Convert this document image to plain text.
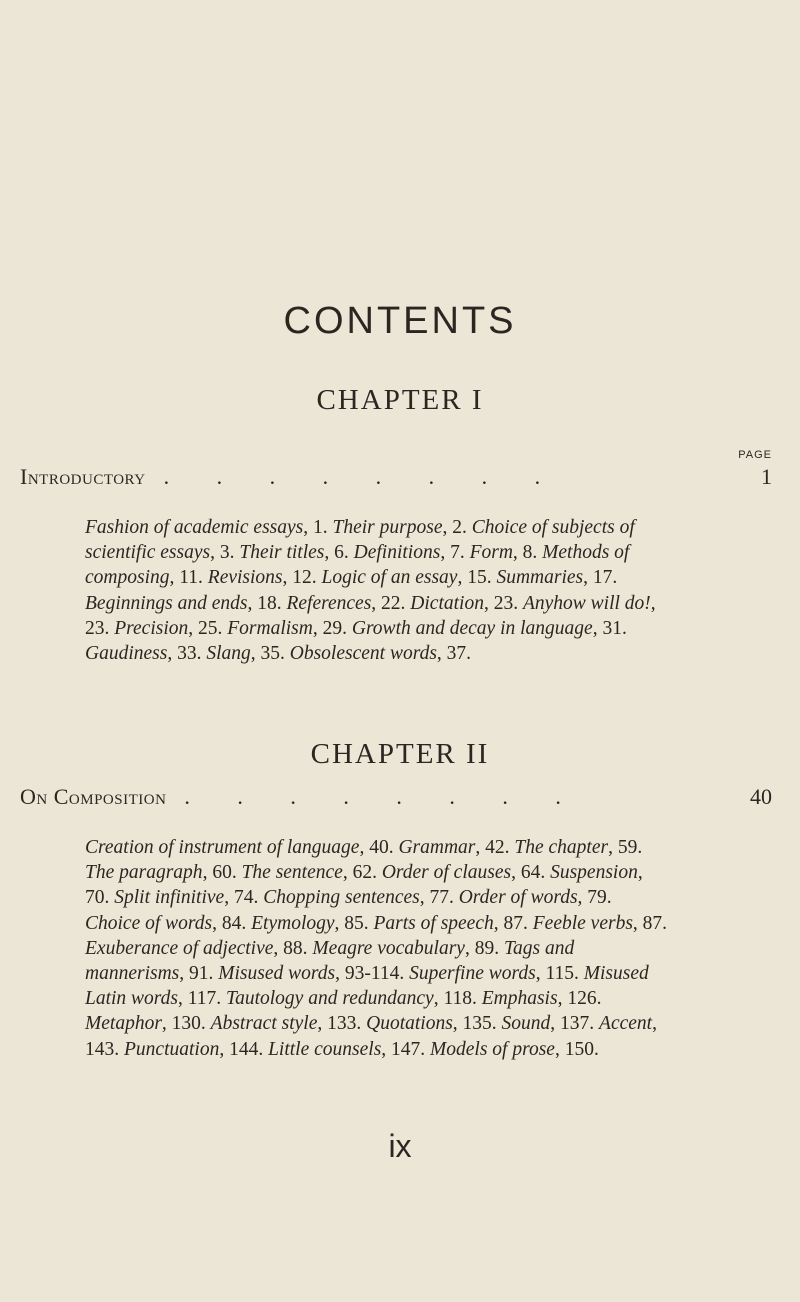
CONTENTS
CHAPTER I
PAGE
Introductory . . . . . . . .	1

Fashion of academic essays, 1. Their purpose, 2. Choice of subjects of scientific essays, 3. Their titles, 6. Definitions, 7. Form, 8. Methods of composing, 11. Revisions, 12. Logic of an essay, 15. Summaries, 17. Beginnings and ends, 18. References, 22. Dictation, 23. Anyhow will do!, 23. Precision, 25. Formalism, 29. Growth and decay in language, 31. Gaudiness, 33. Slang, 35. Obsolescent words, 37.

CHAPTER II
On Composition . . . . . . . .	40

Creation of instrument of language, 40. Grammar, 42. The chapter, 59. The paragraph, 60. The sentence, 62. Order of clauses, 64. Suspension, 70. Split infinitive, 74. Chopping sentences, 77. Order of words, 79. Choice of words, 84. Etymology, 85. Parts of speech, 87. Feeble verbs, 87. Exuberance of adjective, 88. Meagre vocabulary, 89. Tags and mannerisms, 91. Misused words, 93-114. Superfine words, 115. Misused Latin words, 117. Tautology and redundancy, 118. Emphasis, 126. Metaphor, 130. Abstract style, 133. Quotations, 135. Sound, 137. Accent, 143. Punctuation, 144. Little counsels, 147. Models of prose, 150.

ix
